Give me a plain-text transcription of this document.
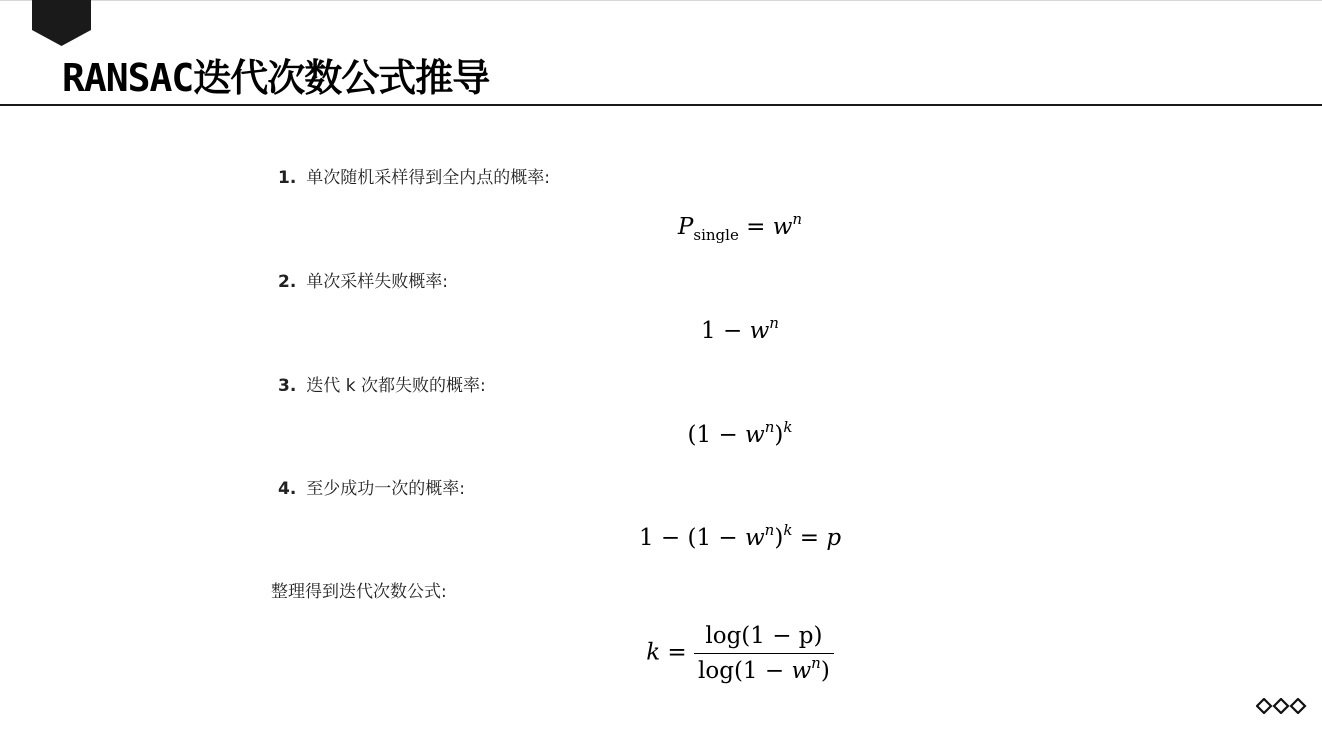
RANSAC迭代次数公式推导
1. 单次随机采样得到全内点的概率:
$P_{single} = w^n$
2. 单次采样失败概率:
$1 - w^n$
3. 迭代 k 次都失败的概率:
$(1 - w^n)^k$
4. 至少成功一次的概率:
$1 - (1 - w^n)^k = p$
整理得到迭代次数公式:
$k = \frac{\log(1 - p)}{\log(1 - w^n)}$
